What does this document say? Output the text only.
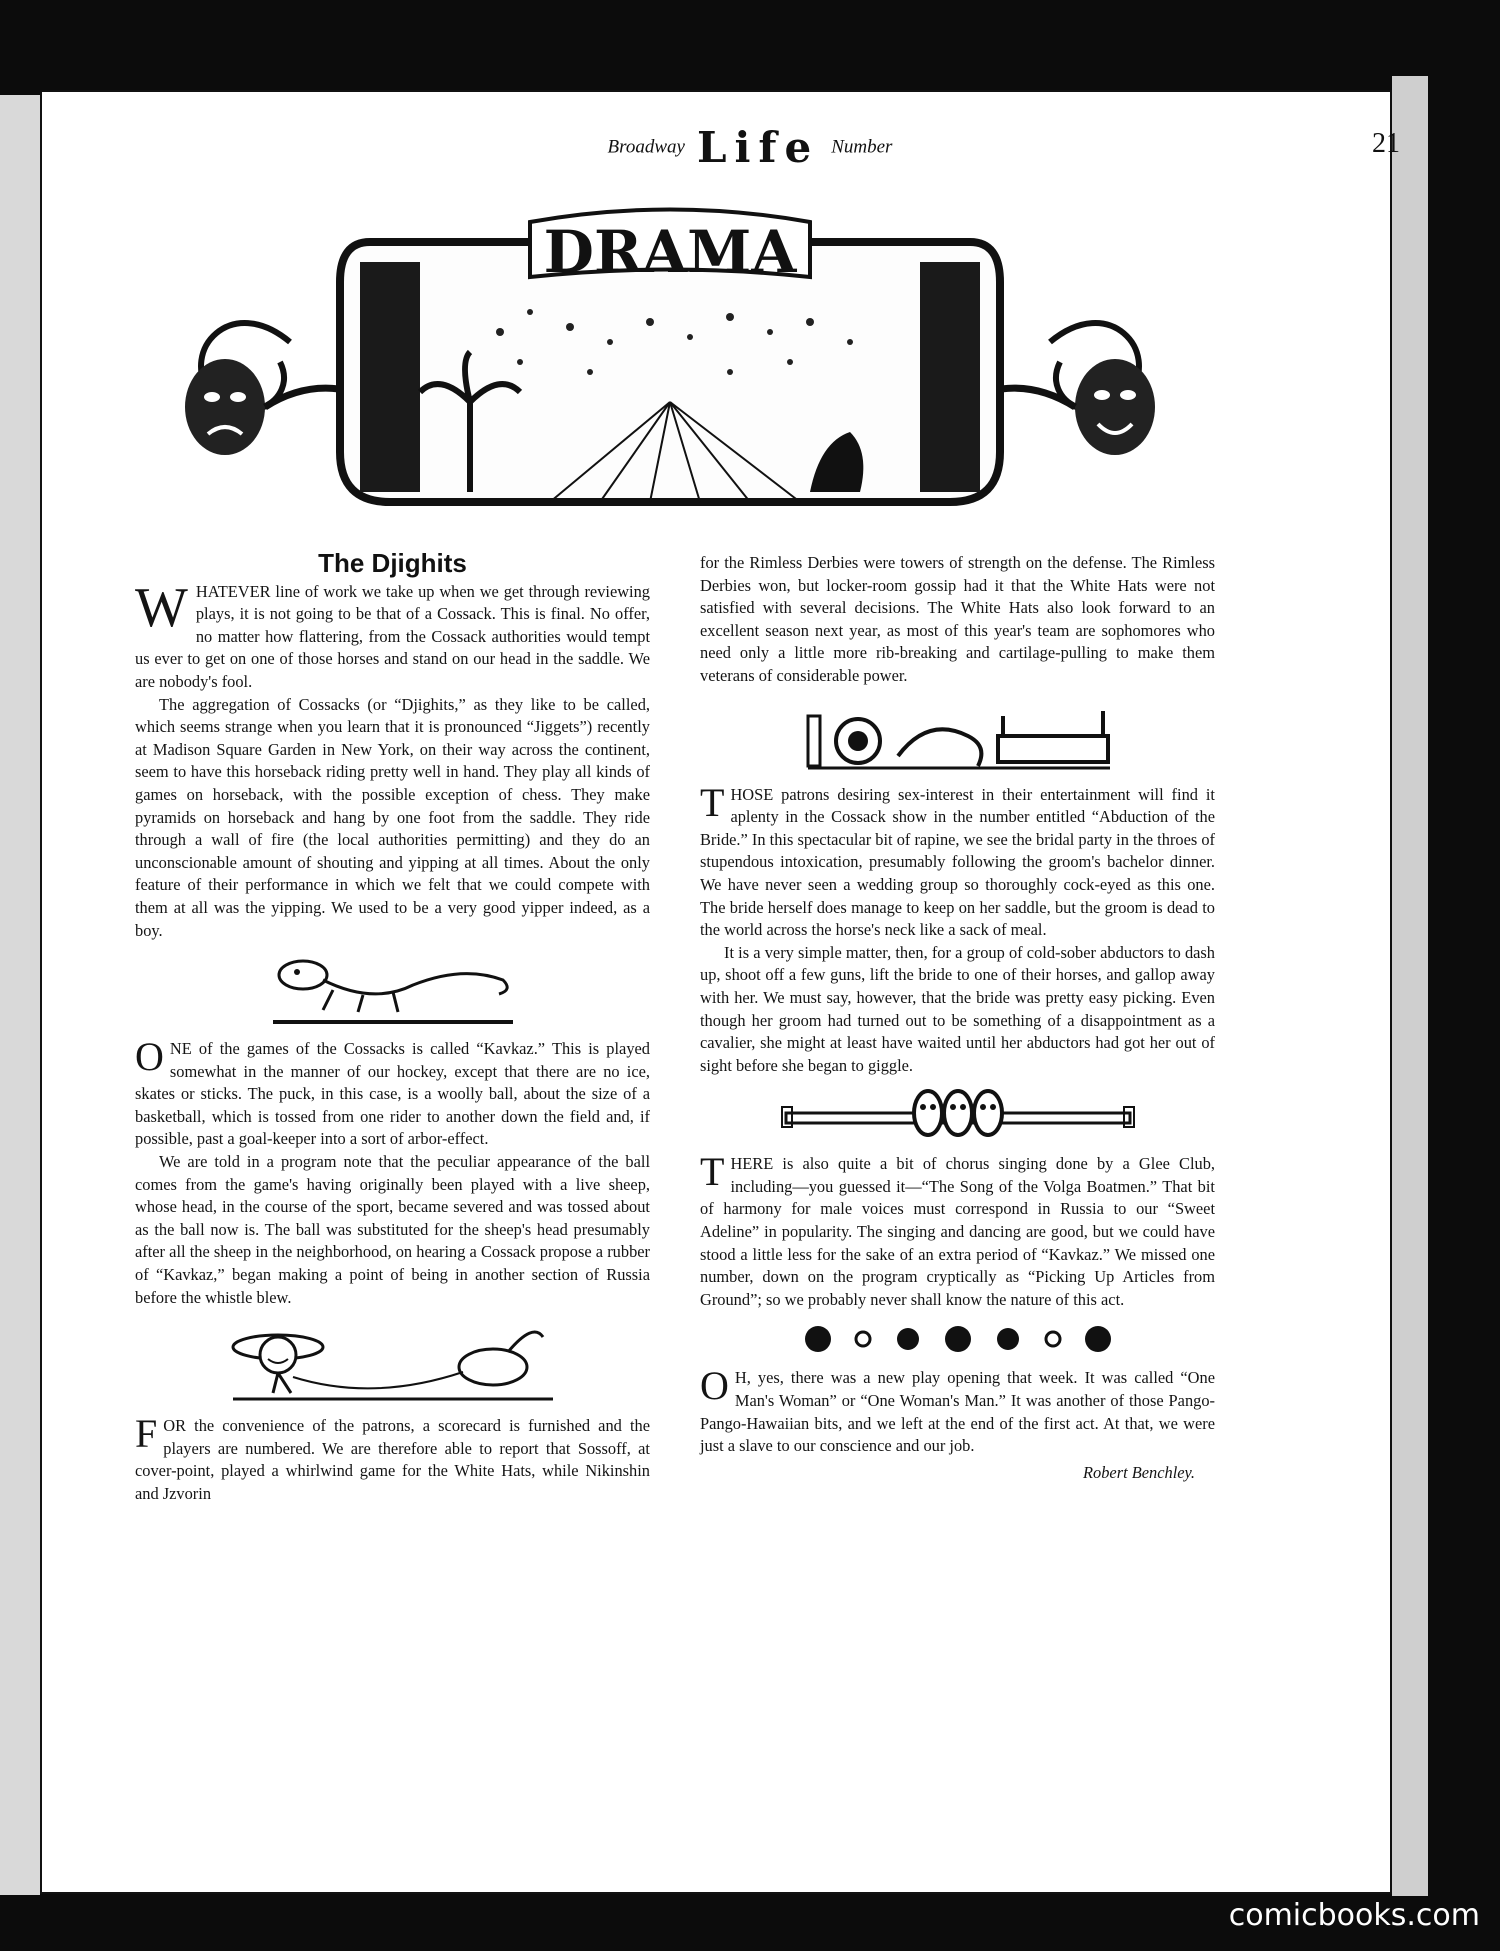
Broadway Life Number	21
DRAMA
The Djighits

WHATEVER line of work we take up when we get through reviewing plays, it is not going to be that of a Cossack. This is final. No offer, no matter how flattering, from the Cossack authorities would tempt us ever to get on one of those horses and stand on our head in the saddle. We are nobody's fool.

The aggregation of Cossacks (or “Djighits,” as they like to be called, which seems strange when you learn that it is pronounced “Jiggets”) recently at Madison Square Garden in New York, on their way across the continent, seem to have this horseback riding pretty well in hand. They play all kinds of games on horseback, with the possible exception of chess. They make pyramids on horseback and hang by one foot from the saddle. They ride through a wall of fire (the local authorities permitting) and they do an unconscionable amount of shouting and yipping at all times. About the only feature of their performance in which we felt that we could compete with them at all was the yipping. We used to be a very good yipper indeed, as a boy.

ONE of the games of the Cossacks is called “Kavkaz.” This is played somewhat in the manner of our hockey, except that there are no ice, skates or sticks. The puck, in this case, is a woolly ball, about the size of a basketball, which is tossed from one rider to another down the field and, if possible, past a goal-keeper into a sort of arbor-effect.

We are told in a program note that the peculiar appearance of the ball comes from the game's having originally been played with a live sheep, whose head, in the course of the sport, became severed and was tossed about as the ball now is. The ball was substituted for the sheep's head presumably after all the sheep in the neighborhood, on hearing a Cossack propose a rubber of “Kavkaz,” began making a point of being in another section of Russia before the whistle blew.

FOR the convenience of the patrons, a scorecard is furnished and the players are numbered. We are therefore able to report that Sossoff, at cover-point, played a whirlwind game for the White Hats, while Nikinshin and Jzvorin

for the Rimless Derbies were towers of strength on the defense. The Rimless Derbies won, but locker-room gossip had it that the White Hats were not satisfied with several decisions. The White Hats also look forward to an excellent season next year, as most of this year's team are sophomores who need only a little more rib-breaking and cartilage-pulling to make them veterans of considerable power.

THOSE patrons desiring sex-interest in their entertainment will find it aplenty in the Cossack show in the number entitled “Abduction of the Bride.” In this spectacular bit of rapine, we see the bridal party in the throes of stupendous intoxication, presumably following the groom's bachelor dinner. We have never seen a wedding group so thoroughly cock-eyed as this one. The bride herself does manage to keep on her saddle, but the groom is dead to the world across the horse's neck like a sack of meal.

It is a very simple matter, then, for a group of cold-sober abductors to dash up, shoot off a few guns, lift the bride to one of their horses, and gallop away with her. We must say, however, that the bride was pretty easy picking. Even though her groom had turned out to be something of a disappointment as a cavalier, she might at least have waited until her abductors had got her out of sight before she began to giggle.

THERE is also quite a bit of chorus singing done by a Glee Club, including—you guessed it—“The Song of the Volga Boatmen.” That bit of harmony for male voices must correspond in Russia to our “Sweet Adeline” in popularity. The singing and dancing are good, but we could have stood a little less for the sake of an extra period of “Kavkaz.” We missed one number, down on the program cryptically as “Picking Up Articles from Ground”; so we probably never shall know the nature of this act.

O H, yes, there was a new play opening that week. It was called “One Man's Woman” or “One Woman's Man.” It was another of those Pango-Pango-Hawaiian bits, and we left at the end of the first act. At that, we were just a slave to our conscience and our job.

Robert Benchley.
comicbooks.com
